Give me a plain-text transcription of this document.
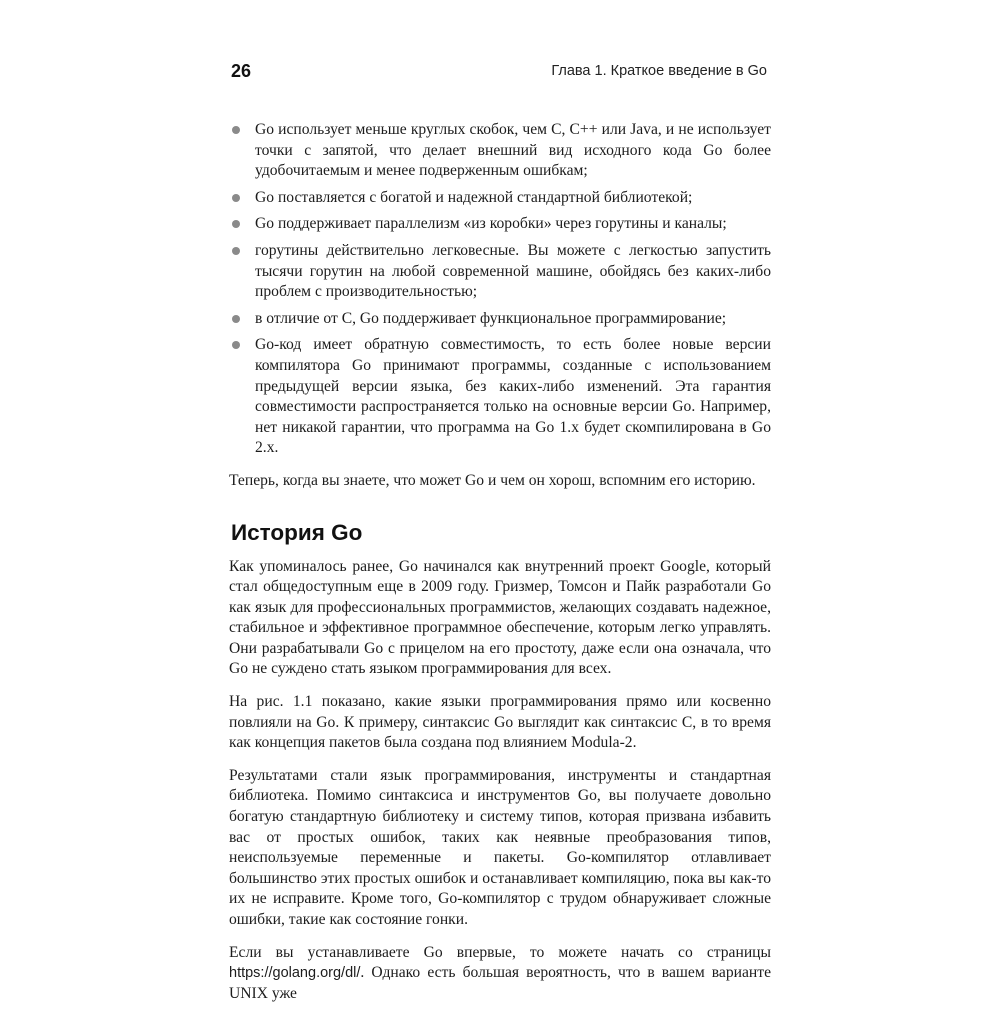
26	Глава 1. Краткое введение в Go
Go использует меньше круглых скобок, чем C, C++ или Java, и не использует точки с запятой, что делает внешний вид исходного кода Go более удобочитаемым и менее подверженным ошибкам;
Go поставляется с богатой и надежной стандартной библиотекой;
Go поддерживает параллелизм «из коробки» через горутины и каналы;
горутины действительно легковесные. Вы можете с легкостью запустить тысячи горутин на любой современной машине, обойдясь без каких-либо проблем с производительностью;
в отличие от C, Go поддерживает функциональное программирование;
Go-код имеет обратную совместимость, то есть более новые версии компилятора Go принимают программы, созданные с использованием предыдущей версии языка, без каких-либо изменений. Эта гарантия совместимости распространяется только на основные версии Go. Например, нет никакой гарантии, что программа на Go 1.x будет скомпилирована в Go 2.x.

Теперь, когда вы знаете, что может Go и чем он хорош, вспомним его историю.

История Go

Как упоминалось ранее, Go начинался как внутренний проект Google, который стал общедоступным еще в 2009 году. Гризмер, Томсон и Пайк разработали Go как язык для профессиональных программистов, желающих создавать надежное, стабильное и эффективное программное обеспечение, которым легко управлять. Они разрабатывали Go с прицелом на его простоту, даже если она означала, что Go не суждено стать языком программирования для всех.

На рис. 1.1 показано, какие языки программирования прямо или косвенно повлияли на Go. К примеру, синтаксис Go выглядит как синтаксис C, в то время как концепция пакетов была создана под влиянием Modula-2.

Результатами стали язык программирования, инструменты и стандартная библиотека. Помимо синтаксиса и инструментов Go, вы получаете довольно богатую стандартную библиотеку и систему типов, которая призвана избавить вас от простых ошибок, таких как неявные преобразования типов, неиспользуемые переменные и пакеты. Go-компилятор отлавливает большинство этих простых ошибок и останавливает компиляцию, пока вы как-то их не исправите. Кроме того, Go-компилятор с трудом обнаруживает сложные ошибки, такие как состояние гонки.

Если вы устанавливаете Go впервые, то можете начать со страницы https://golang.org/dl/. Однако есть большая вероятность, что в вашем варианте UNIX уже
